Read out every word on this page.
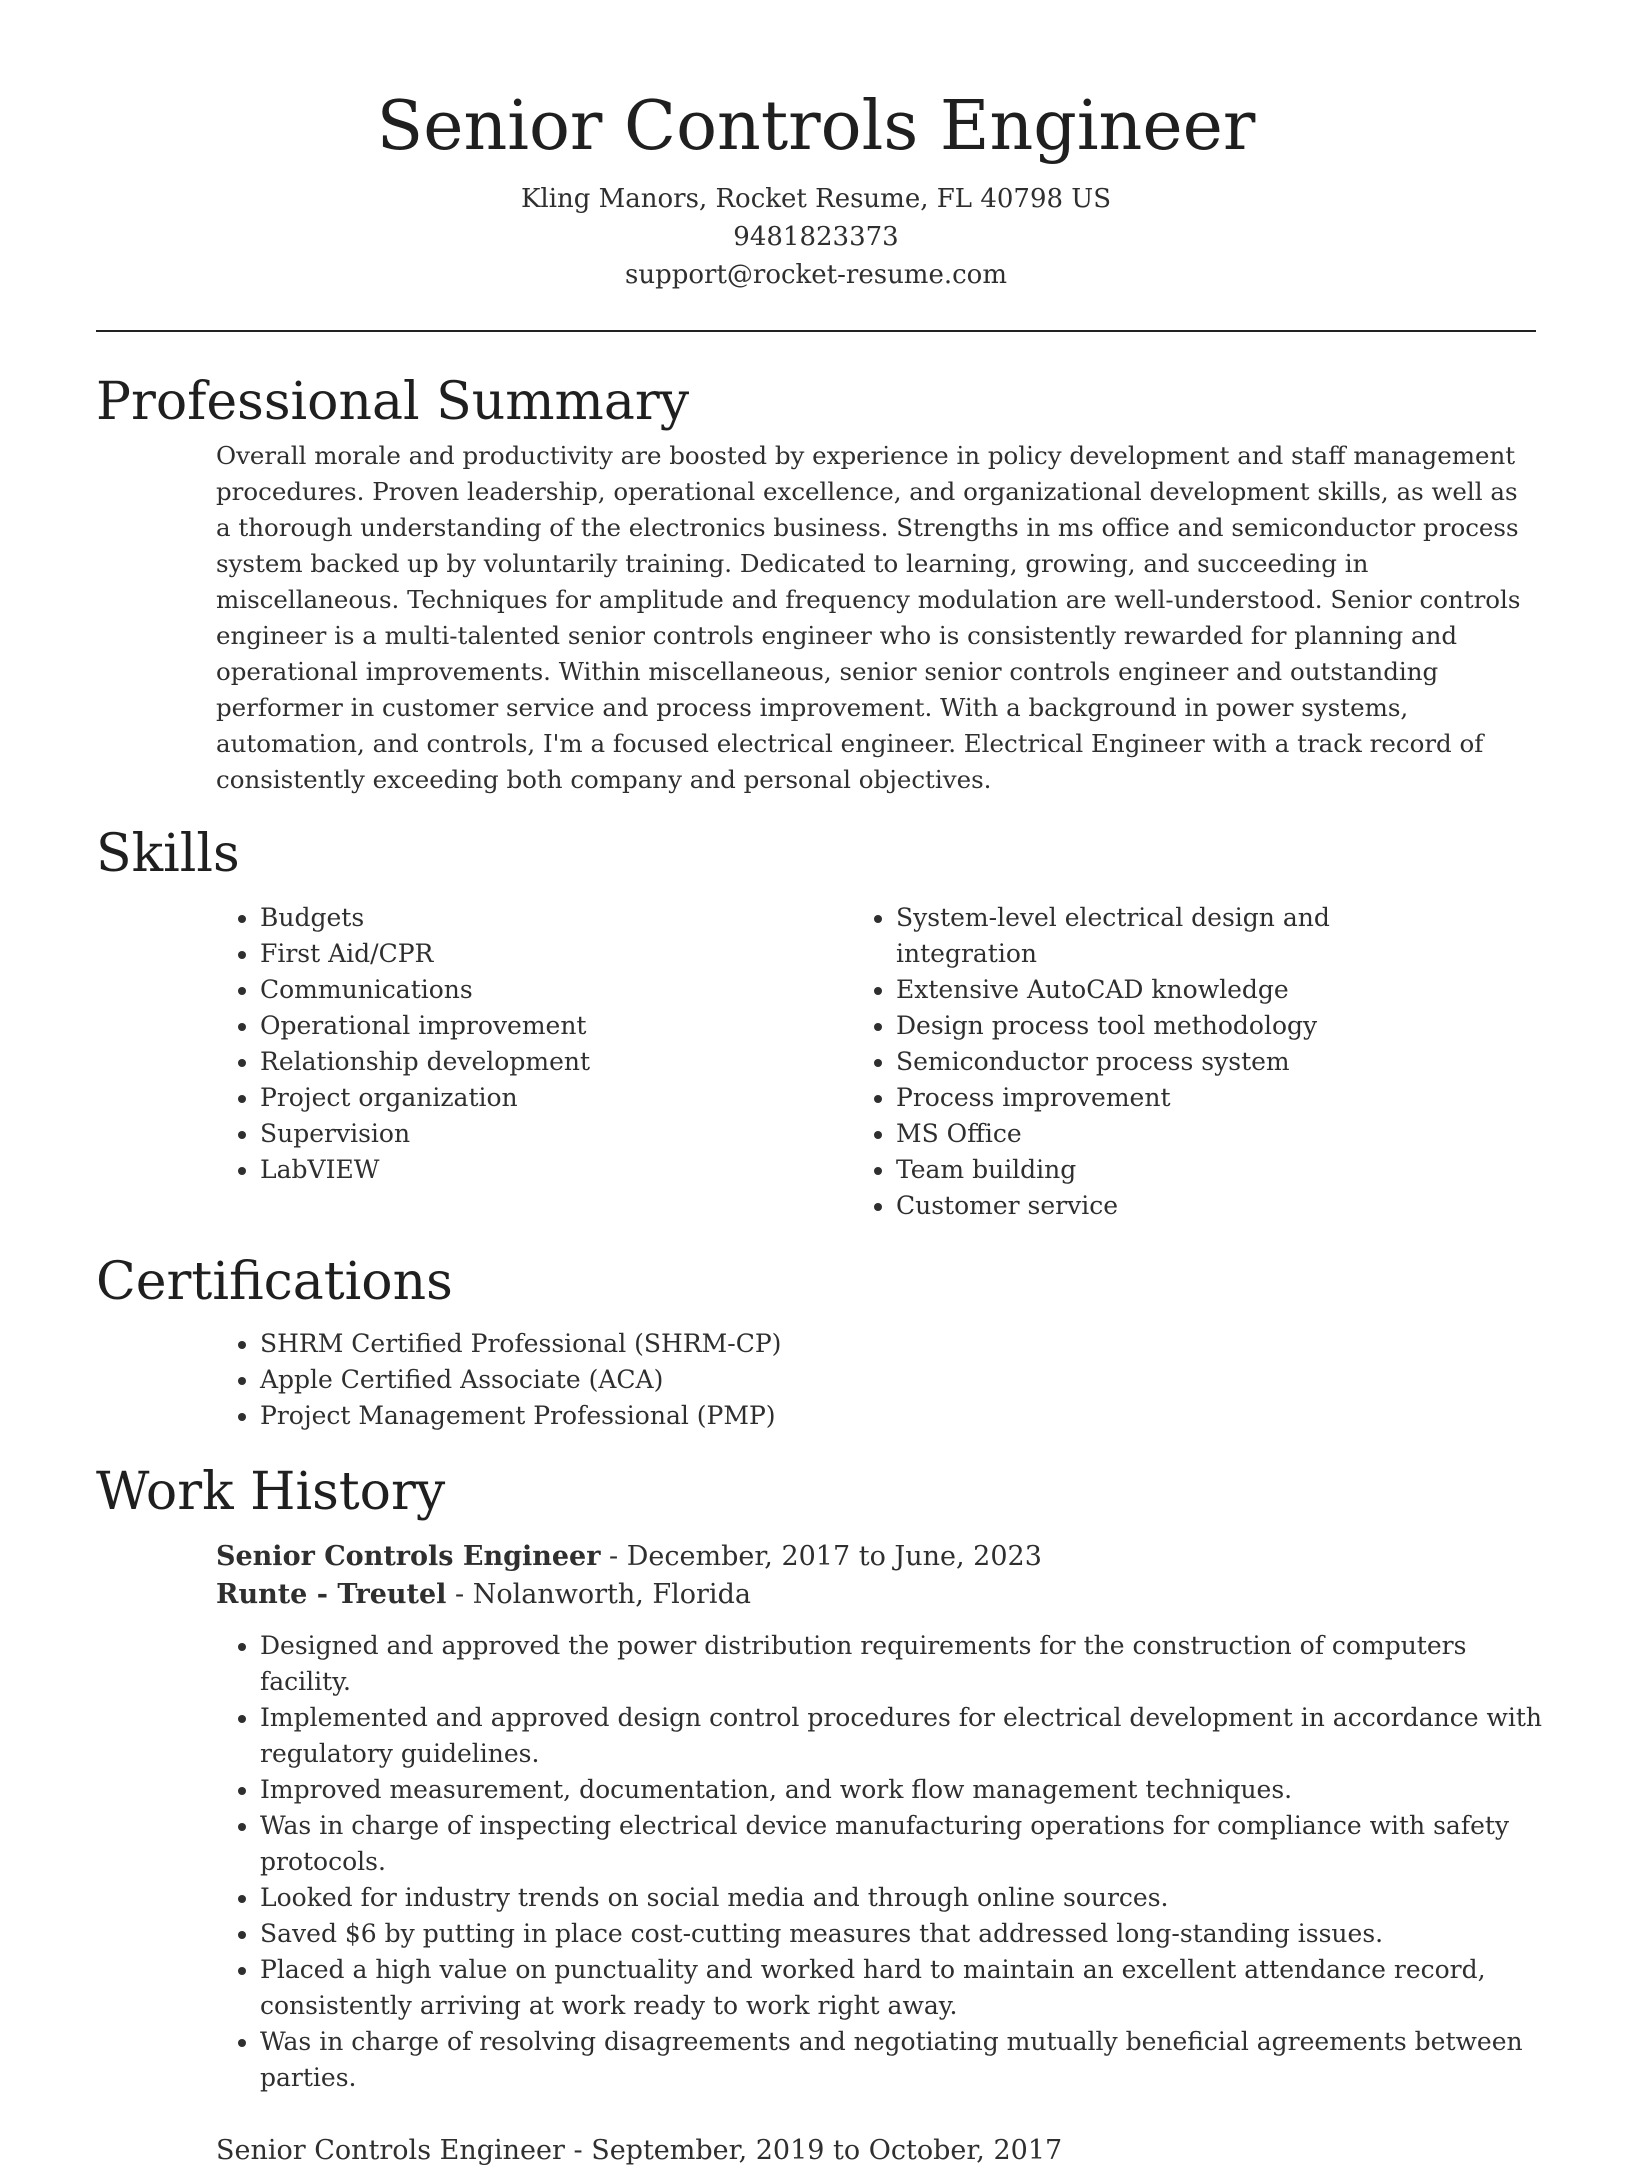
Senior Controls Engineer

Kling Manors, Rocket Resume, FL 40798 US

9481823373

support@rocket-resume.com

Professional Summary

Overall morale and productivity are boosted by experience in policy development and staff management procedures. Proven leadership, operational excellence, and organizational development skills, as well as a thorough understanding of the electronics business. Strengths in ms office and semiconductor process system backed up by voluntarily training. Dedicated to learning, growing, and succeeding in miscellaneous. Techniques for amplitude and frequency modulation are well-understood. Senior controls engineer is a multi-talented senior controls engineer who is consistently rewarded for planning and operational improvements. Within miscellaneous, senior senior controls engineer and outstanding performer in customer service and process improvement. With a background in power systems, automation, and controls, I'm a focused electrical engineer. Electrical Engineer with a track record of consistently exceeding both company and personal objectives.

Skills
• Budgets
• First Aid/CPR
• Communications
• Operational improvement
• Relationship development
• Project organization
• Supervision
• LabVIEW
• System-level electrical design and integration
• Extensive AutoCAD knowledge
• Design process tool methodology
• Semiconductor process system
• Process improvement
• MS Office
• Team building
• Customer service
Certifications
• SHRM Certified Professional (SHRM-CP)
• Apple Certified Associate (ACA)
• Project Management Professional (PMP)
Work History
Senior Controls Engineer - December, 2017 to June, 2023
Runte - Treutel - Nolanworth, Florida
• Designed and approved the power distribution requirements for the construction of computers facility.
• Implemented and approved design control procedures for electrical development in accordance with regulatory guidelines.
• Improved measurement, documentation, and work flow management techniques.
• Was in charge of inspecting electrical device manufacturing operations for compliance with safety protocols.
• Looked for industry trends on social media and through online sources.
• Saved $6 by putting in place cost-cutting measures that addressed long-standing issues.
• Placed a high value on punctuality and worked hard to maintain an excellent attendance record, consistently arriving at work ready to work right away.
• Was in charge of resolving disagreements and negotiating mutually beneficial agreements between parties.
Senior Controls Engineer - September, 2019 to October, 2017
